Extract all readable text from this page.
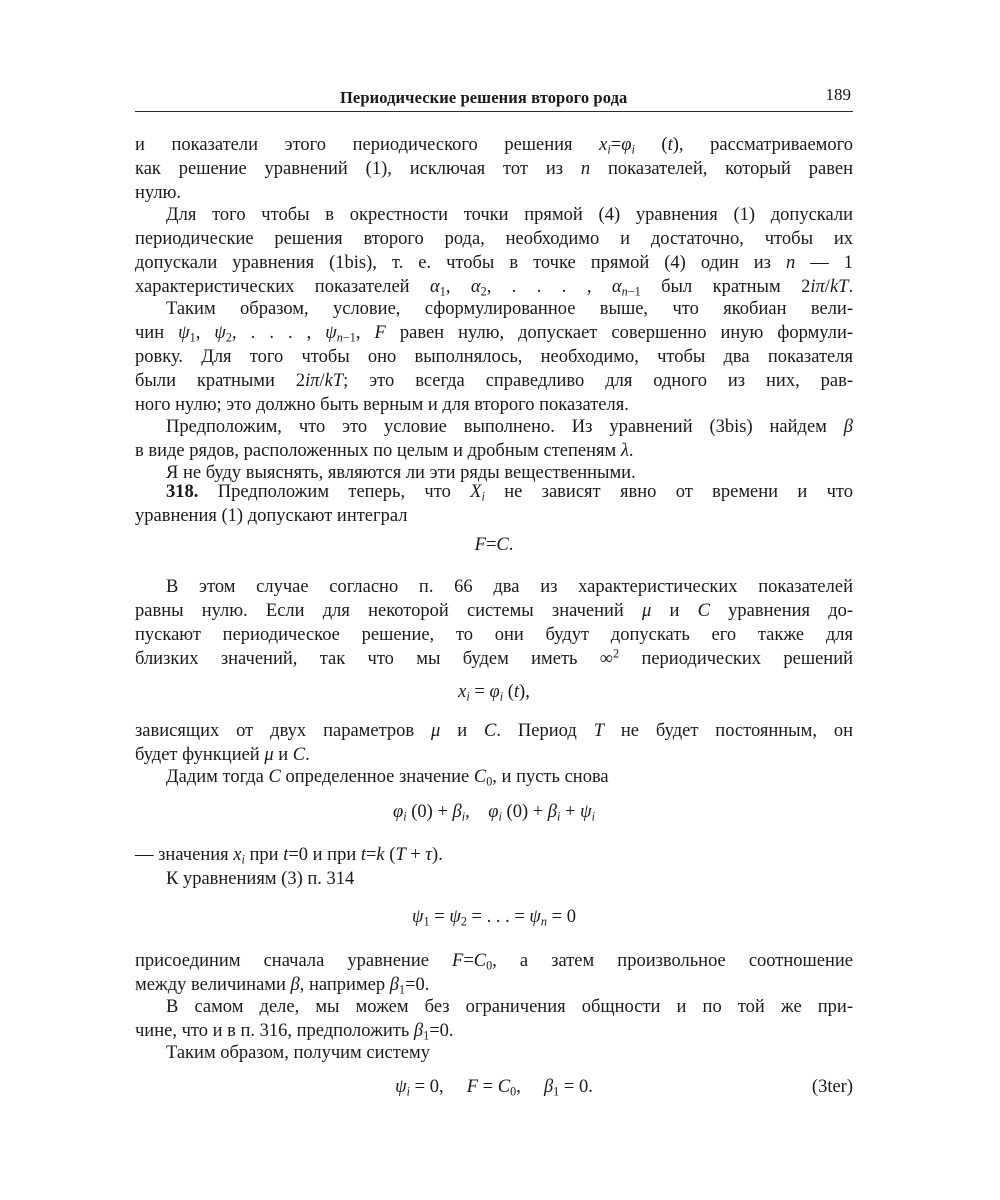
Периодические решения второго рода	189
и показатели этого периодического решения $x_i=\varphi_i$ (t), рассматриваемого
как решение уравнений (1), исключая тот из n показателей, который равен
нулю.
Для того чтобы в окрестности точки прямой (4) уравнения (1) допускали
периодические решения второго рода, необходимо и достаточно, чтобы их
допускали уравнения (1bis), т. е. чтобы в точке прямой (4) один из n — 1
характеристических показателей $\alpha_1$, $\alpha_2$, . . . , $\alpha_{n-1}$ был кратным 2iπ/kT.
Таким образом, условие, сформулированное выше, что якобиан вели-
чин $\psi_1$, $\psi_2$, . . . , $\psi_{n-1}$, F равен нулю, допускает совершенно иную формули-
ровку. Для того чтобы оно выполнялось, необходимо, чтобы два показателя
были кратными 2iπ/kT; это всегда справедливо для одного из них, рав-
ного нулю; это должно быть верным и для второго показателя.
Предположим, что это условие выполнено. Из уравнений (3bis) найдем β
в виде рядов, расположенных по целым и дробным степеням λ.
Я не буду выяснять, являются ли эти ряды вещественными.
318. Предположим теперь, что $X_i$ не зависят явно от времени и что
уравнения (1) допускают интеграл
F=C.
В этом случае согласно п. 66 два из характеристических показателей
равны нулю. Если для некоторой системы значений μ и C уравнения до-
пускают периодическое решение, то они будут допускать его также для
близких значений, так что мы будем иметь ∞$^2$ периодических решений
$x_i = \varphi_i$ (t),
зависящих от двух параметров μ и C. Период T не будет постоянным, он
будет функцией μ и C.
Дадим тогда C определенное значение $C_0$, и пусть снова
$\varphi_i$ $(0) + \beta_i$,    $\varphi_i$ $(0) + \beta_i + \psi_i$
— значения $x_i$ при t=0 и при t=k (T + τ).
К уравнениям (3) п. 314
$\psi_1 = \psi_2$ = . . . = $\psi_n = 0$
присоединим сначала уравнение $F=C_0$, а затем произвольное соотношение
между величинами β, например $\beta_1=0$.
В самом деле, мы можем без ограничения общности и по той же при-
чине, что и в п. 316, предположить $\beta_1=0$.
Таким образом, получим систему
$\psi_i = 0$,     $F = C_0$,     $\beta_1 = 0$.	(3ter)
